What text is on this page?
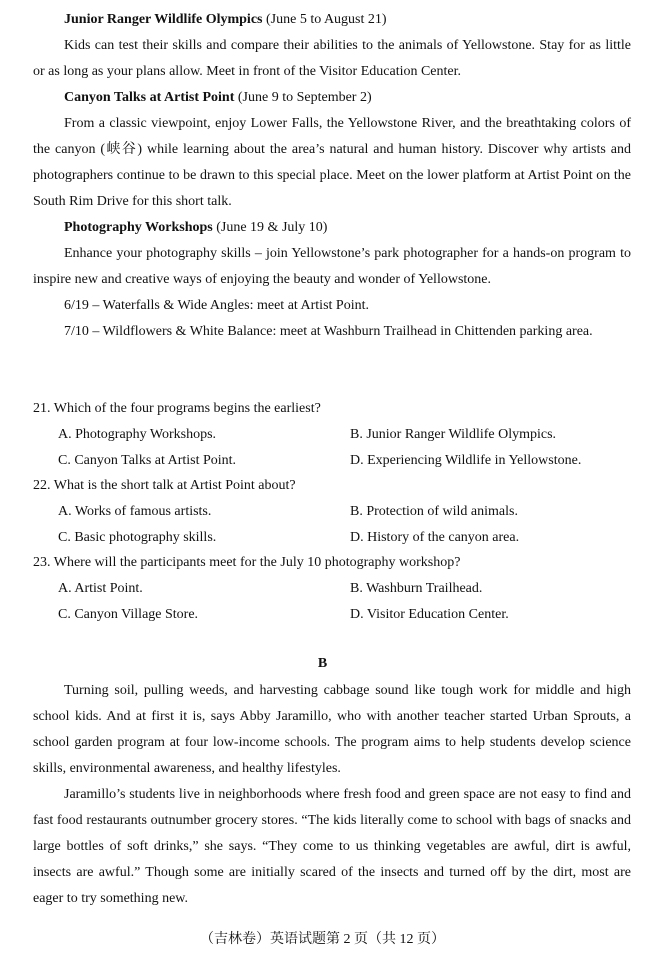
Junior Ranger Wildlife Olympics (June 5 to August 21)
Kids can test their skills and compare their abilities to the animals of Yellowstone. Stay for as little or as long as your plans allow. Meet in front of the Visitor Education Center.
Canyon Talks at Artist Point (June 9 to September 2)
From a classic viewpoint, enjoy Lower Falls, the Yellowstone River, and the breathtaking colors of the canyon (峡谷) while learning about the area’s natural and human history. Discover why artists and photographers continue to be drawn to this special place. Meet on the lower platform at Artist Point on the South Rim Drive for this short talk.
Photography Workshops (June 19 & July 10)
Enhance your photography skills – join Yellowstone’s park photographer for a hands-on program to inspire new and creative ways of enjoying the beauty and wonder of Yellowstone.
6/19 – Waterfalls & Wide Angles: meet at Artist Point.
7/10 – Wildflowers & White Balance: meet at Washburn Trailhead in Chittenden parking area.
21. Which of the four programs begins the earliest?
A. Photography Workshops.	B. Junior Ranger Wildlife Olympics.
C. Canyon Talks at Artist Point.	D. Experiencing Wildlife in Yellowstone.
22. What is the short talk at Artist Point about?
A. Works of famous artists.	B. Protection of wild animals.
C. Basic photography skills.	D. History of the canyon area.
23. Where will the participants meet for the July 10 photography workshop?
A. Artist Point.	B. Washburn Trailhead.
C. Canyon Village Store.	D. Visitor Education Center.
B
Turning soil, pulling weeds, and harvesting cabbage sound like tough work for middle and high school kids. And at first it is, says Abby Jaramillo, who with another teacher started Urban Sprouts, a school garden program at four low-income schools. The program aims to help students develop science skills, environmental awareness, and healthy lifestyles.
Jaramillo’s students live in neighborhoods where fresh food and green space are not easy to find and fast food restaurants outnumber grocery stores. “The kids literally come to school with bags of snacks and large bottles of soft drinks,” she says. “They come to us thinking vegetables are awful, dirt is awful, insects are awful.” Though some are initially scared of the insects and turned off by the dirt, most are eager to try something new.
（吉林卷）英语试题第 2 页（共 12 页）
